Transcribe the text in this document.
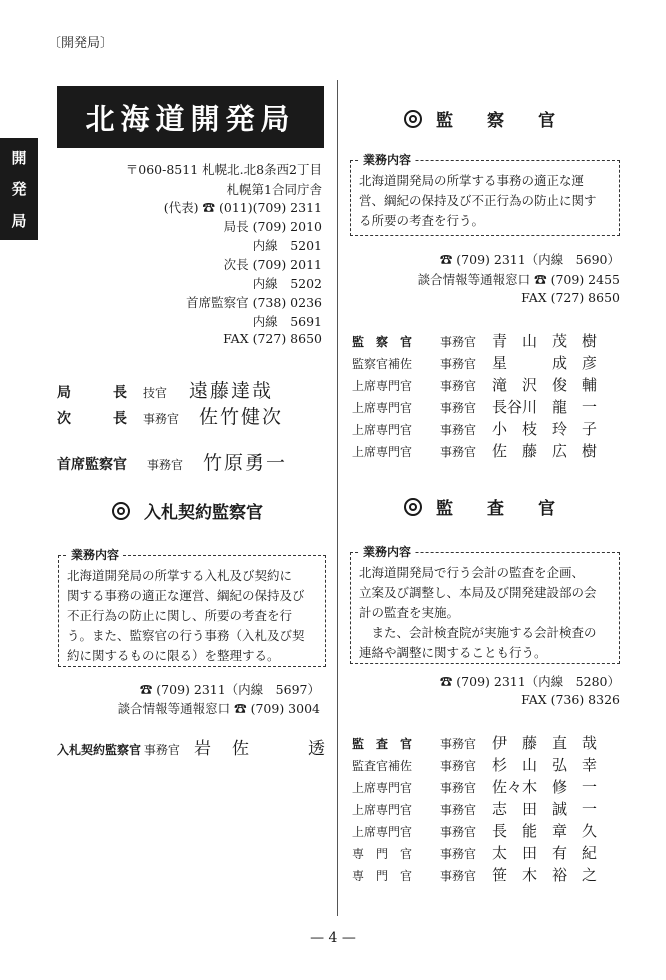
〔開発局〕
開
発
局
北海道開発局
〒060-8511 札幌北.北8条西2丁目
札幌第1合同庁舎
(代表) ☎ (011)(709) 2311
局長 (709) 2010
内線　 5201
次長 (709) 2011
内線　 5202
首席監察官 (738) 0236
内線　 5691
FAX (727) 8650
局　　　長	技官	遠藤達哉
次　　　長	事務官	佐竹健次
首席監察官	事務官	竹原勇一
入札契約監察官
業務内容
北海道開発局の所掌する入札及び契約に
関する事務の適正な運営、綱紀の保持及び
不正行為の防止に関し、所要の考査を行
う。また、監察官の行う事務（入札及び契
約に関するものに限る）を整理する。
☎ (709) 2311（内線　5697）
談合情報等通報窓口 ☎ (709) 3004
入札契約監察官 事務官 岩　佐　　　透
監　　察　　官
業務内容
北海道開発局の所掌する事務の適正な運
営、綱紀の保持及び不正行為の防止に関す
る所要の考査を行う。
☎ (709) 2311（内線　5690）
談合情報等通報窓口 ☎ (709) 2455
FAX (727) 8650
監　察　官	事務官	青　山　茂　樹
監察官補佐	事務官	星　　　成　彦
上席専門官	事務官	滝　沢　俊　輔
上席専門官	事務官	長谷川　龍　一
上席専門官	事務官	小　枝　玲　子
上席専門官	事務官	佐　藤　広　樹
監　　査　　官
業務内容
北海道開発局で行う会計の監査を企画、
立案及び調整し、本局及び開発建設部の会
計の監査を実施。
　また、会計検査院が実施する会計検査の
連絡や調整に関することも行う。
☎ (709) 2311（内線　5280）
FAX (736) 8326
監　査　官	事務官	伊　藤　直　哉
監査官補佐	事務官	杉　山　弘　幸
上席専門官	事務官	佐々木　修　一
上席専門官	事務官	志　田　誠　一
上席専門官	事務官	長　能　章　久
専　門　官	事務官	太　田　有　紀
専　門　官	事務官	笹　木　裕　之
— 4 —
